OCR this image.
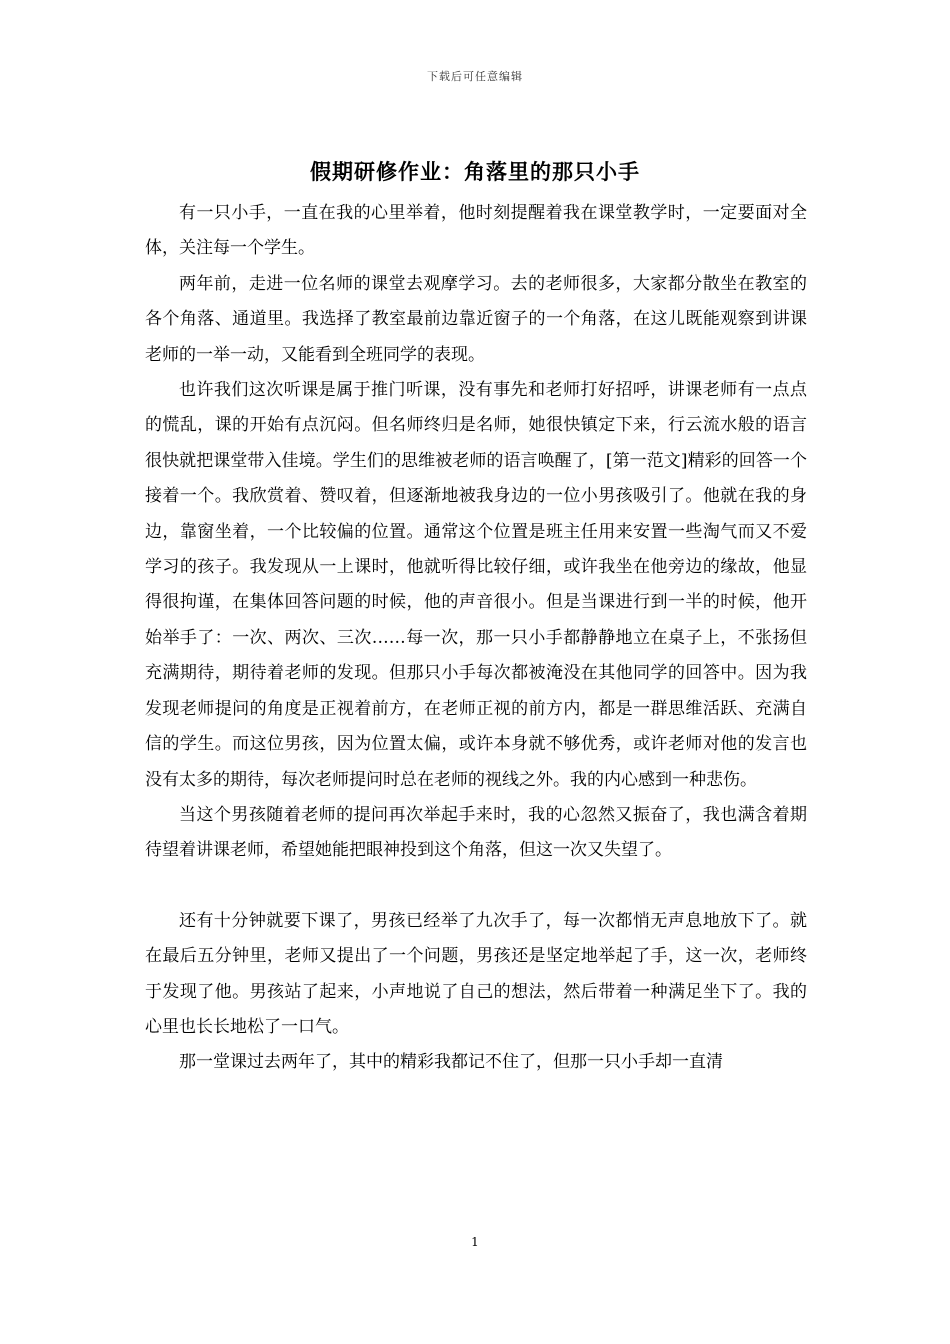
下载后可任意编辑
假期研修作业：角落里的那只小手

有一只小手，一直在我的心里举着，他时刻提醒着我在课堂教学时，一定要面对全体，关注每一个学生。

两年前，走进一位名师的课堂去观摩学习。去的老师很多，大家都分散坐在教室的各个角落、通道里。我选择了教室最前边靠近窗子的一个角落，在这儿既能观察到讲课老师的一举一动，又能看到全班同学的表现。

也许我们这次听课是属于推门听课，没有事先和老师打好招呼，讲课老师有一点点的慌乱，课的开始有点沉闷。但名师终归是名师，她很快镇定下来，行云流水般的语言很快就把课堂带入佳境。学生们的思维被老师的语言唤醒了，[第一范文]精彩的回答一个接着一个。我欣赏着、赞叹着，但逐渐地被我身边的一位小男孩吸引了。他就在我的身边，靠窗坐着，一个比较偏的位置。通常这个位置是班主任用来安置一些淘气而又不爱学习的孩子。我发现从一上课时，他就听得比较仔细，或许我坐在他旁边的缘故，他显得很拘谨，在集体回答问题的时候，他的声音很小。但是当课进行到一半的时候，他开始举手了：一次、两次、三次……每一次，那一只小手都静静地立在桌子上，不张扬但充满期待，期待着老师的发现。但那只小手每次都被淹没在其他同学的回答中。因为我发现老师提问的角度是正视着前方，在老师正视的前方内，都是一群思维活跃、充满自信的学生。而这位男孩，因为位置太偏，或许本身就不够优秀，或许老师对他的发言也没有太多的期待，每次老师提问时总在老师的视线之外。我的内心感到一种悲伤。

当这个男孩随着老师的提问再次举起手来时，我的心忽然又振奋了，我也满含着期待望着讲课老师，希望她能把眼神投到这个角落，但这一次又失望了。

还有十分钟就要下课了，男孩已经举了九次手了，每一次都悄无声息地放下了。就在最后五分钟里，老师又提出了一个问题，男孩还是坚定地举起了手，这一次，老师终于发现了他。男孩站了起来，小声地说了自己的想法，然后带着一种满足坐下了。我的心里也长长地松了一口气。

那一堂课过去两年了，其中的精彩我都记不住了，但那一只小手却一直清

1
